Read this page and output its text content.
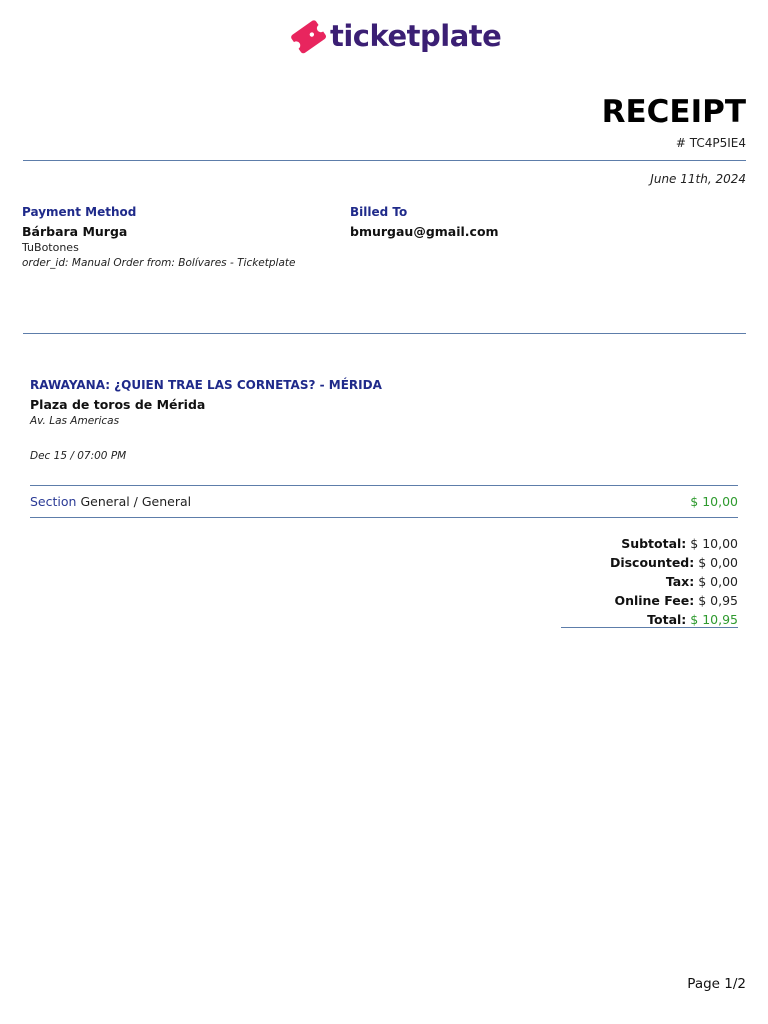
ticketplate
RECEIPT
# TC4P5IE4
June 11th, 2024
Payment Method
Bárbara Murga
TuBotones
order_id: Manual Order from: Bolívares - Ticketplate
Billed To
bmurgau@gmail.com
RAWAYANA: ¿QUIEN TRAE LAS CORNETAS? - MÉRIDA
Plaza de toros de Mérida
Av. Las Americas
Dec 15 / 07:00 PM
Section General / General	$ 10,00
Subtotal: $ 10,00
Discounted: $ 0,00
Tax: $ 0,00
Online Fee: $ 0,95
Total: $ 10,95
Page 1/2
